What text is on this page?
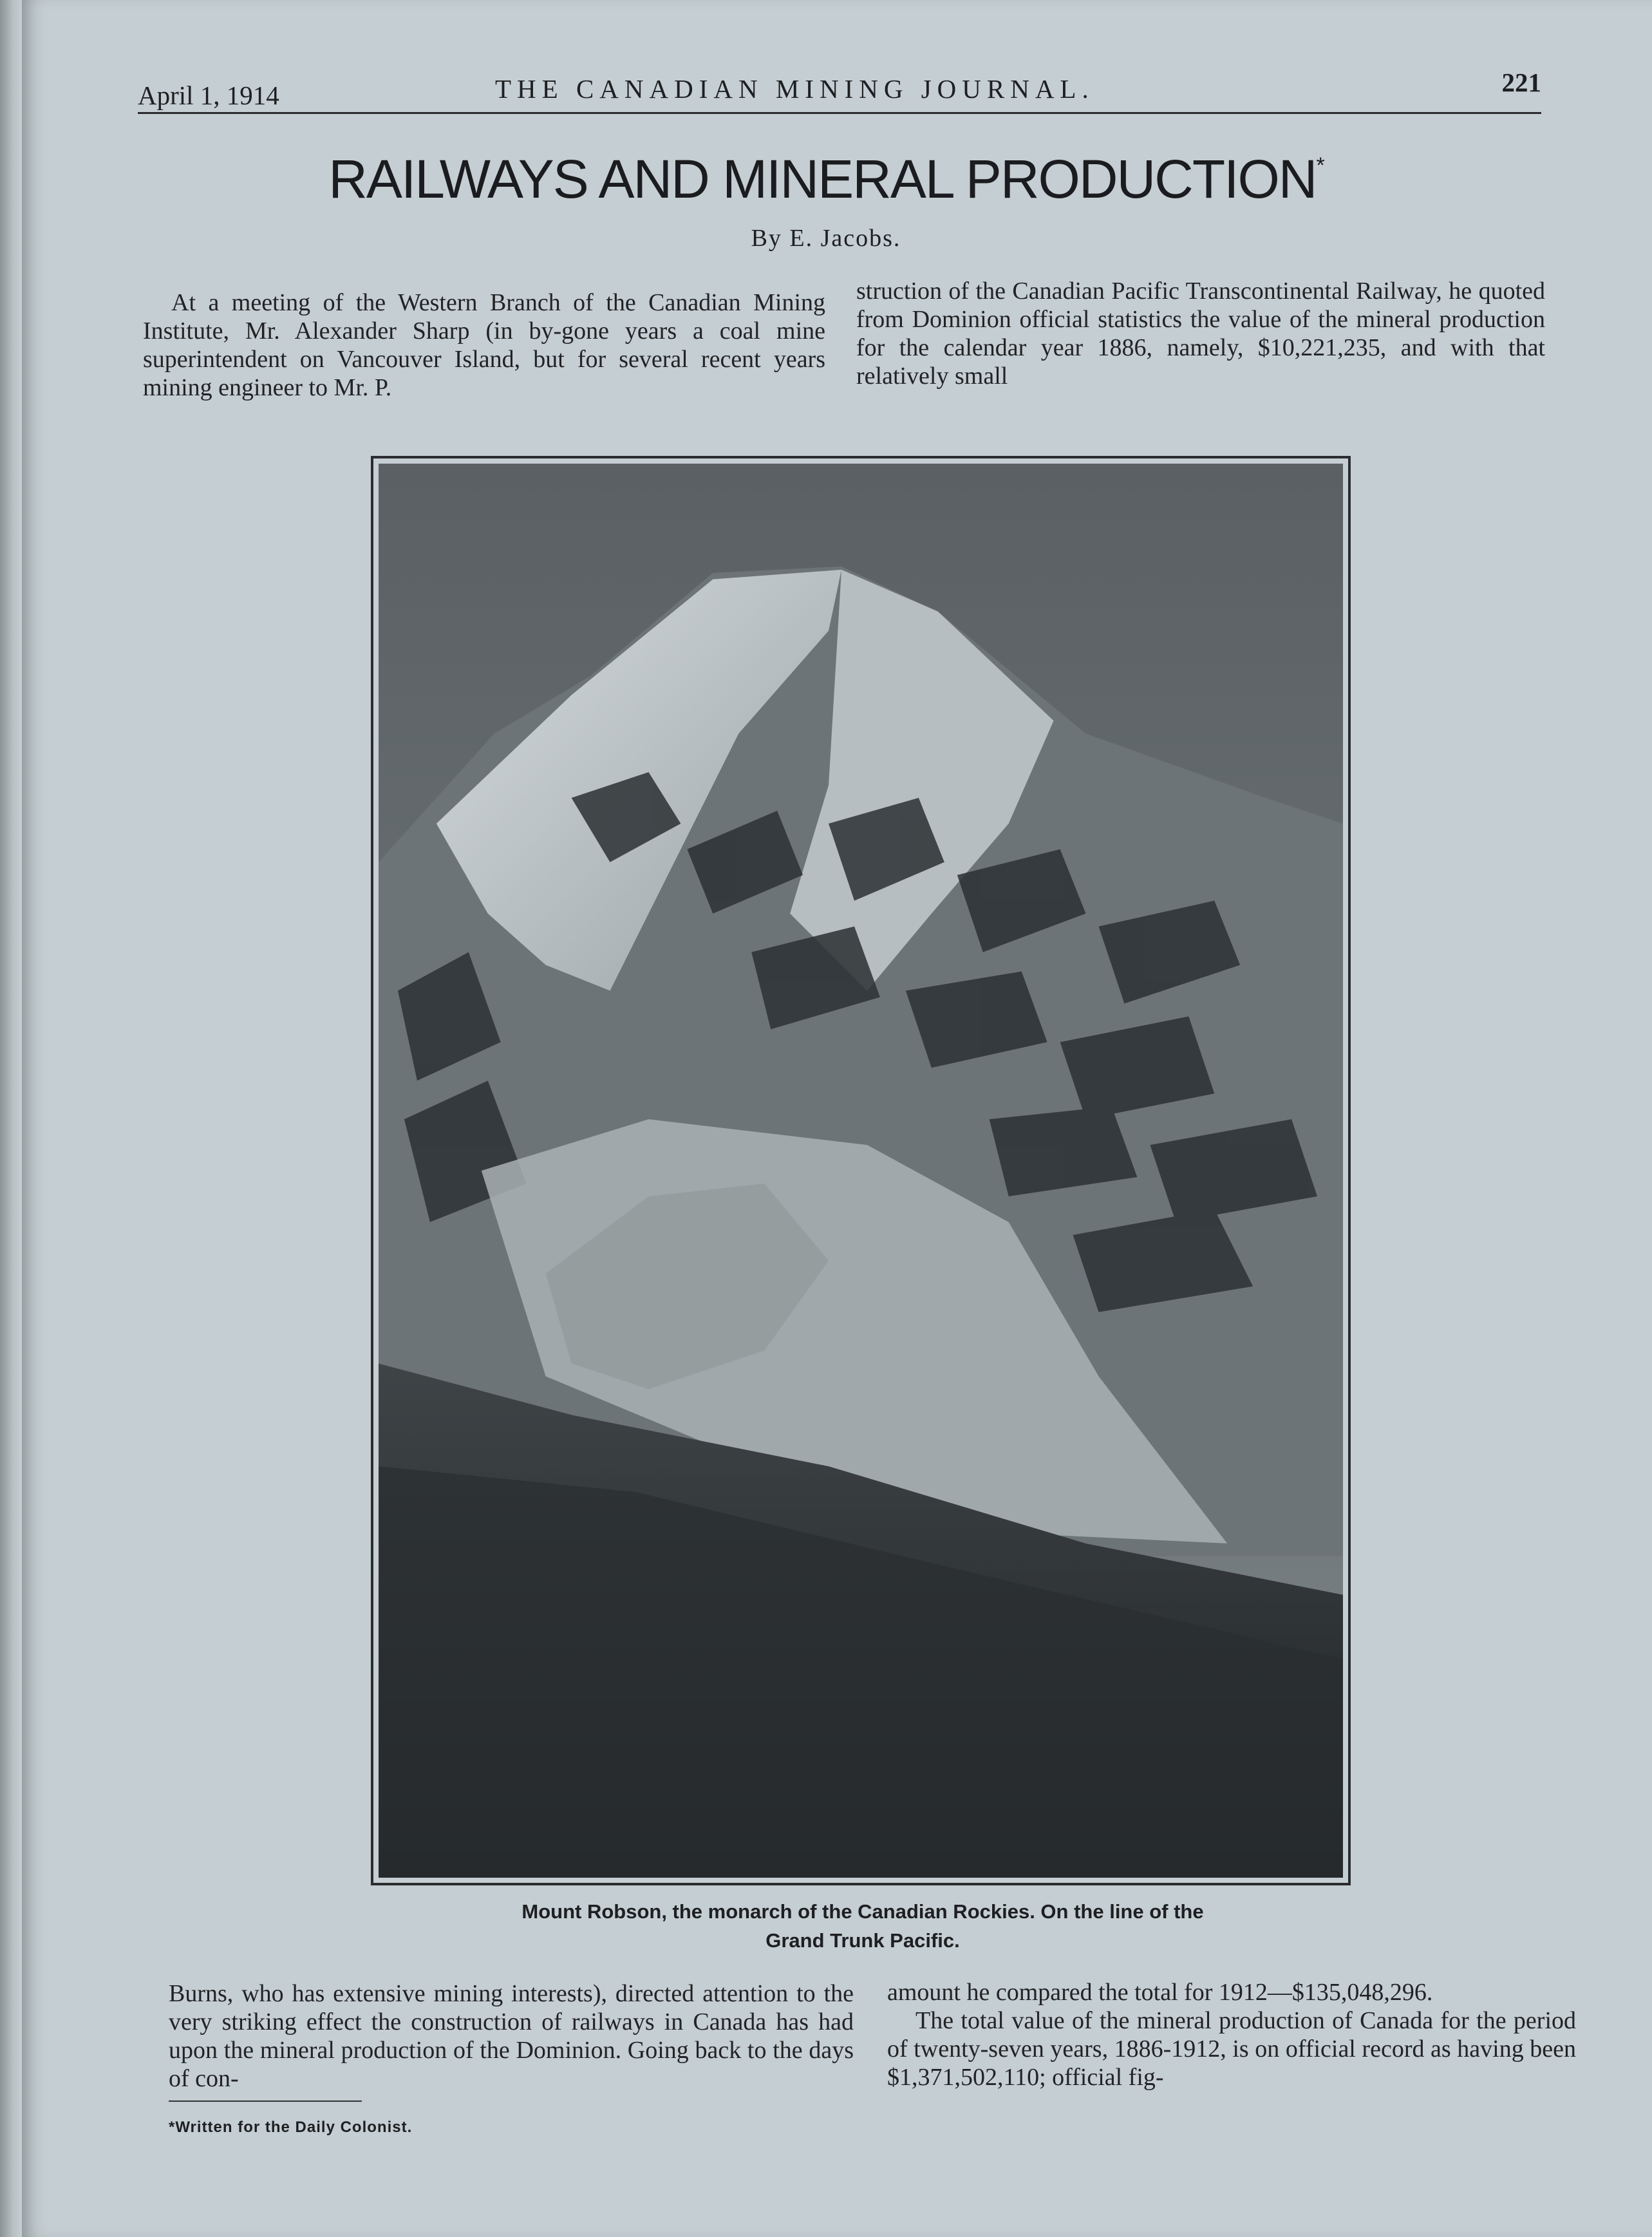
April 1, 1914	THE CANADIAN MINING JOURNAL.	221
RAILWAYS AND MINERAL PRODUCTION*
By E. Jacobs.

At a meeting of the Western Branch of the Canadian Mining Institute, Mr. Alexander Sharp (in by-gone years a coal mine superintendent on Vancouver Island, but for several recent years mining engineer to Mr. P.

struction of the Canadian Pacific Transcontinental Railway, he quoted from Dominion official statistics the value of the mineral production for the calendar year 1886, namely, $10,221,235, and with that relatively small

Mount Robson, the monarch of the Canadian Rockies. On the line of the
Grand Trunk Pacific.

Burns, who has extensive mining interests), directed attention to the very striking effect the construction of railways in Canada has had upon the mineral production of the Dominion. Going back to the days of con-

amount he compared the total for 1912—$135,048,296.

The total value of the mineral production of Canada for the period of twenty-seven years, 1886-1912, is on official record as having been $1,371,502,110; official fig-

*Written for the Daily Colonist.
